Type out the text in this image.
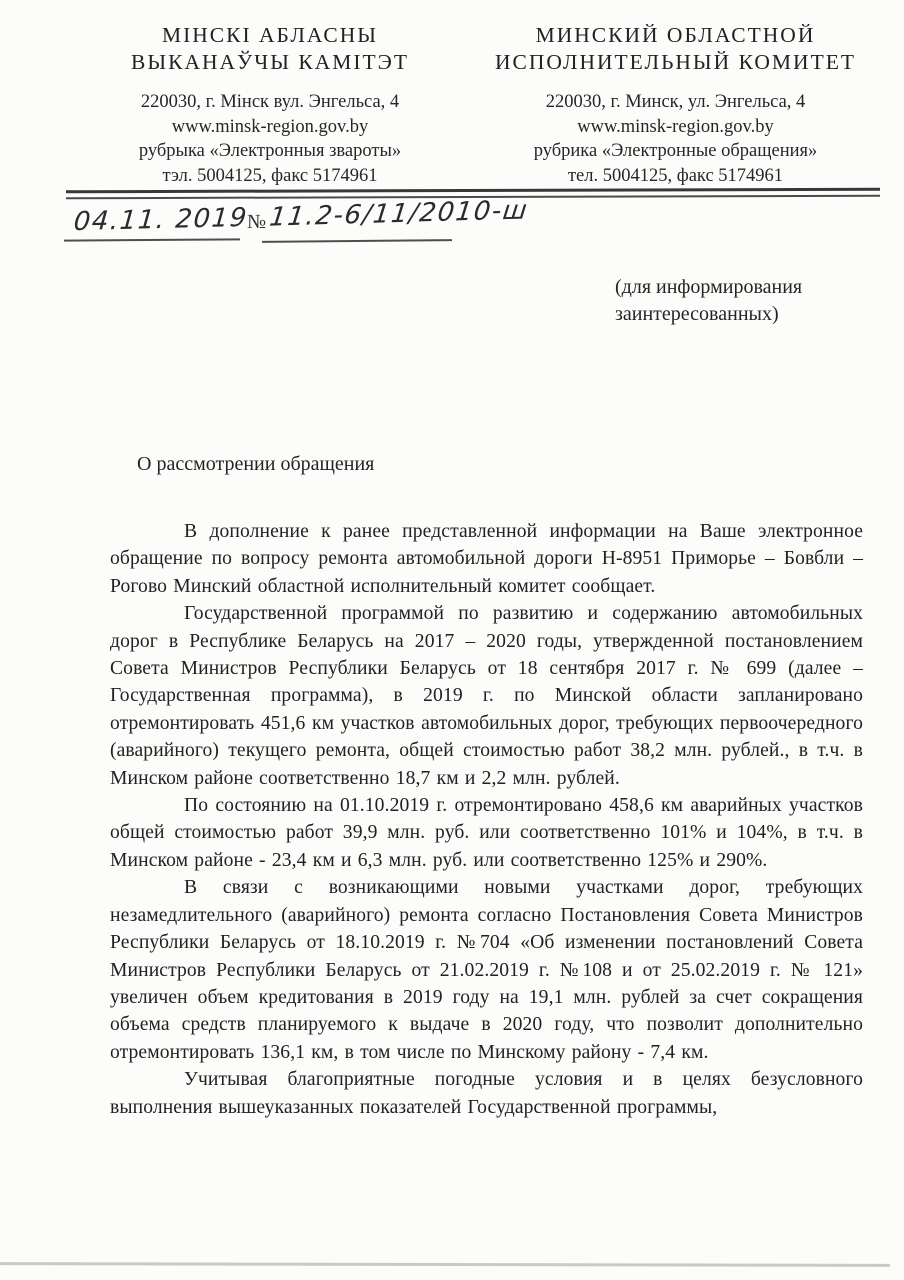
МІНСКІ АБЛАСНЫ
ВЫКАНАЎЧЫ КАМІТЭТ
220030, г. Мінск вул. Энгельса, 4
www.minsk-region.gov.by
рубрыка «Электронныя звароты»
тэл. 5004125, факс 5174961
МИНСКИЙ ОБЛАСТНОЙ
ИСПОЛНИТЕЛЬНЫЙ КОМИТЕТ
220030, г. Минск, ул. Энгельса, 4
www.minsk-region.gov.by
рубрика «Электронные обращения»
тел. 5004125, факс 5174961
04.11. 2019
№ 11.2-6/11/2010-ш
(для информирования
заинтересованных)
О рассмотрении обращения

В дополнение к ранее представленной информации на Ваше электронное обращение по вопросу ремонта автомобильной дороги Н-8951 Приморье – Бовбли – Рогово Минский областной исполнительный комитет сообщает.

Государственной программой по развитию и содержанию автомобильных дорог в Республике Беларусь на 2017 – 2020 годы, утвержденной постановлением Совета Министров Республики Беларусь от 18 сентября 2017 г. № 699 (далее – Государственная программа), в 2019 г. по Минской области запланировано отремонтировать 451,6 км участков автомобильных дорог, требующих первоочередного (аварийного) текущего ремонта, общей стоимостью работ 38,2 млн. рублей., в т.ч. в Минском районе соответственно 18,7 км и 2,2 млн. рублей.

По состоянию на 01.10.2019 г. отремонтировано 458,6 км аварийных участков общей стоимостью работ 39,9 млн. руб. или соответственно 101% и 104%, в т.ч. в Минском районе - 23,4 км и 6,3 млн. руб. или соответственно 125% и 290%.

В связи с возникающими новыми участками дорог, требующих незамедлительного (аварийного) ремонта согласно Постановления Совета Министров Республики Беларусь от 18.10.2019 г. №704 «Об изменении постановлений Совета Министров Республики Беларусь от 21.02.2019 г. №108 и от 25.02.2019 г. № 121» увеличен объем кредитования в 2019 году на 19,1 млн. рублей за счет сокращения объема средств планируемого к выдаче в 2020 году, что позволит дополнительно отремонтировать 136,1 км, в том числе по Минскому району - 7,4 км.

Учитывая благоприятные погодные условия и в целях безусловного выполнения вышеуказанных показателей Государственной программы,
